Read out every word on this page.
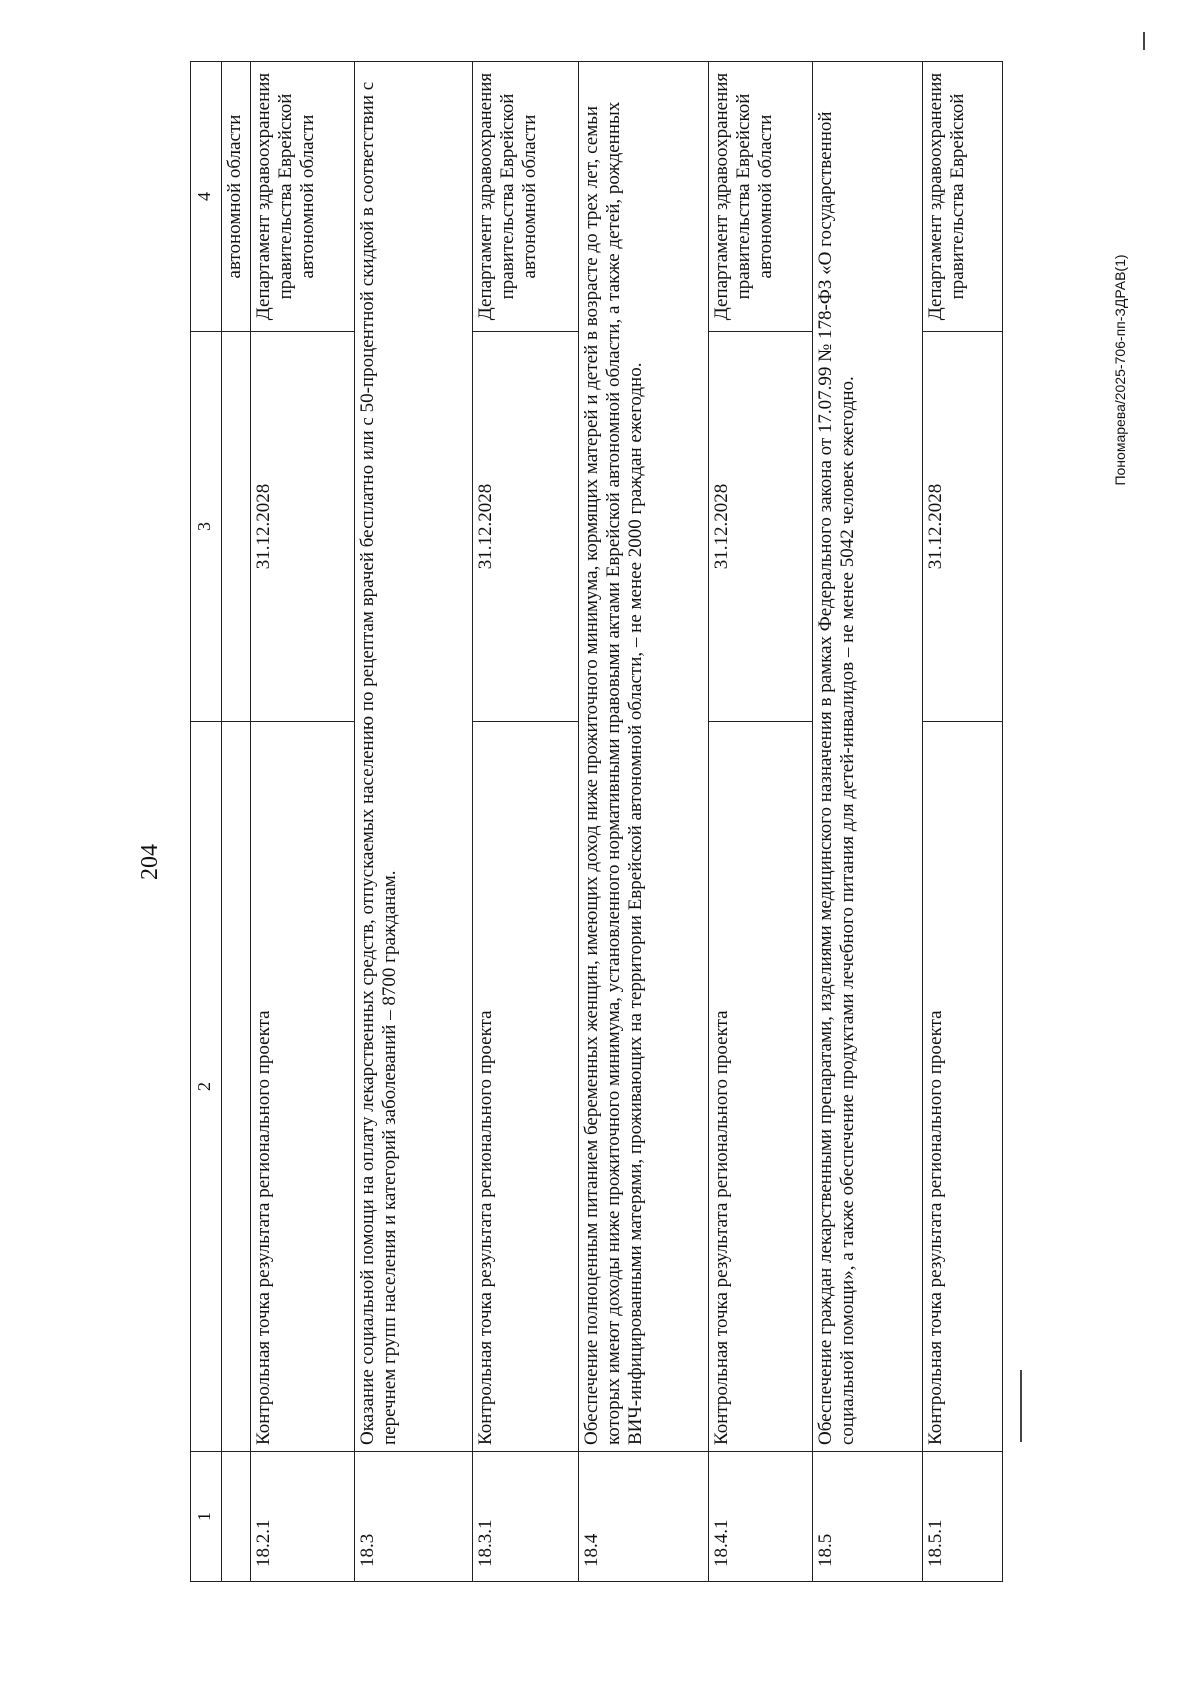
204
Пономарева/2025-706-пп-ЗДРАВ(1)
1	2	3	4
			автономной области
18.2.1	Контрольная точка результата регионального проекта	31.12.2028	Департамент здравоохранения правительства Еврейской автономной области
18.3	Оказание социальной помощи на оплату лекарственных средств, отпускаемых населению по рецептам врачей бесплатно или с 50-процентной скидкой в соответствии с перечнем групп населения и категорий заболеваний – 8700 гражданам.		
18.3.1	Контрольная точка результата регионального проекта	31.12.2028	Департамент здравоохранения правительства Еврейской автономной области
18.4	Обеспечение полноценным питанием беременных женщин, имеющих доход ниже прожиточного минимума, кормящих матерей и детей в возрасте до трех лет, семьи которых имеют доходы ниже прожиточного минимума, установленного нормативными правовыми актами Еврейской автономной области, а также детей, рожденных ВИЧ-инфицированными матерями, проживающих на территории Еврейской автономной области, – не менее 2000 граждан ежегодно.		
18.4.1	Контрольная точка результата регионального проекта	31.12.2028	Департамент здравоохранения правительства Еврейской автономной области
18.5	Обеспечение граждан лекарственными препаратами, изделиями медицинского назначения в рамках Федерального закона от 17.07.99 № 178-ФЗ «О государственной социальной помощи», а также обеспечение продуктами лечебного питания для детей-инвалидов – не менее 5042 человек ежегодно.		
18.5.1	Контрольная точка результата регионального проекта	31.12.2028	Департамент здравоохранения правительства Еврейской
